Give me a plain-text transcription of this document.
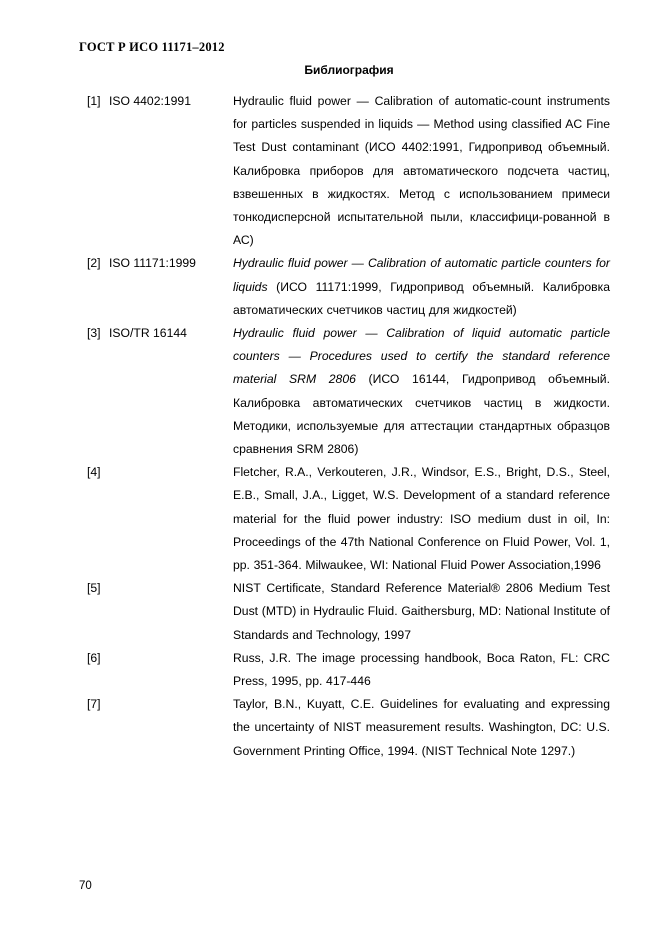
ГОСТ Р ИСО 11171–2012
Библиография
[1] ISO 4402:1991	Hydraulic fluid power — Calibration of automatic-count instruments for particles suspended in liquids — Method using classified AC Fine Test Dust contaminant (ИСО 4402:1991, Гидропривод объемный. Калибровка приборов для автоматического подсчета частиц, взвешенных в жидкостях. Метод с использованием примеси тонкодисперсной испытательной пыли, классифици-рованной в АС)
[2] ISO 11171:1999	Hydraulic fluid power — Calibration of automatic particle counters for liquids (ИСО 11171:1999, Гидропривод объемный. Калибровка автоматических счетчиков частиц для жидкостей)
[3] ISO/TR 16144	Hydraulic fluid power — Calibration of liquid automatic particle counters — Procedures used to certify the standard reference material SRM 2806 (ИСО 16144, Гидропривод объемный. Калибровка автоматических счетчиков частиц в жидкости. Методики, используемые для аттестации стандартных образцов сравнения SRM 2806)
[4]	Fletcher, R.A., Verkouteren, J.R., Windsor, E.S., Bright, D.S., Steel, E.B., Small, J.A., Ligget, W.S. Development of a standard reference material for the fluid power industry: ISO medium dust in oil, In: Proceedings of the 47th National Conference on Fluid Power, Vol. 1, pp. 351-364. Milwaukee, WI: National Fluid Power Association,1996
[5]	NIST Certificate, Standard Reference Material® 2806 Medium Test Dust (MTD) in Hydraulic Fluid. Gaithersburg, MD: National Institute of Standards and Technology, 1997
[6]	Russ, J.R. The image processing handbook, Boca Raton, FL: CRC Press, 1995, pp. 417-446
[7]	Taylor, B.N., Kuyatt, C.E. Guidelines for evaluating and expressing the uncertainty of NIST measurement results. Washington, DC: U.S. Government Printing Office, 1994. (NIST Technical Note 1297.)
70
